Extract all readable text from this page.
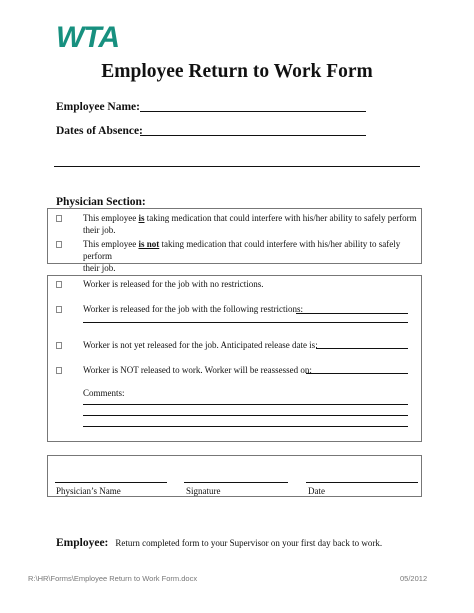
WTA
Employee Return to Work Form
Employee Name:
Dates of Absence:
Physician Section:
This employee is taking medication that could interfere with his/her ability to safely perform
their job.
This employee is not taking medication that could interfere with his/her ability to safely perform
their job.
Worker is released for the job with no restrictions.
Worker is released for the job with the following restrictions:
Worker is not yet released for the job. Anticipated release date is:
Worker is NOT released to work. Worker will be reassessed on:
Comments:
Physician’s Name	Signature	Date
Employee: Return completed form to your Supervisor on your first day back to work.
R:\HR\Forms\Employee Return to Work Form.docx	05/2012
